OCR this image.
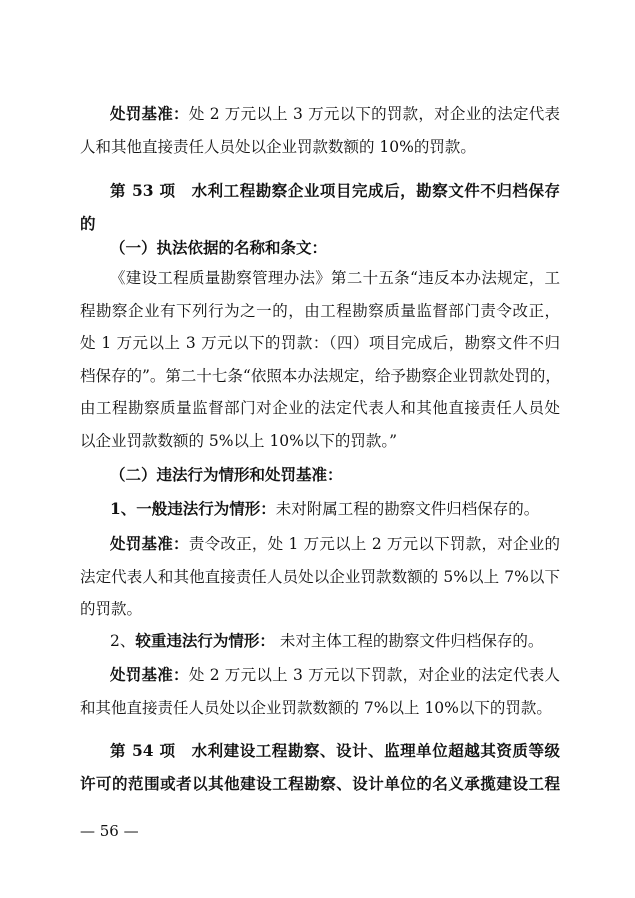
处罚基准：处 2 万元以上 3 万元以下的罚款，对企业的法定代表
人和其他直接责任人员处以企业罚款数额的 10%的罚款。
第 53 项　水利工程勘察企业项目完成后，勘察文件不归档保存
的
（一）执法依据的名称和条文：
《建设工程质量勘察管理办法》第二十五条“违反本办法规定，工
程勘察企业有下列行为之一的，由工程勘察质量监督部门责令改正，
处 1 万元以上 3 万元以下的罚款：（四）项目完成后，勘察文件不归
档保存的”。第二十七条“依照本办法规定，给予勘察企业罚款处罚的，
由工程勘察质量监督部门对企业的法定代表人和其他直接责任人员处
以企业罚款数额的 5%以上 10%以下的罚款。”
（二）违法行为情形和处罚基准：
1、一般违法行为情形：未对附属工程的勘察文件归档保存的。
处罚基准：责令改正，处 1 万元以上 2 万元以下罚款，对企业的
法定代表人和其他直接责任人员处以企业罚款数额的 5%以上 7%以下
的罚款。
2、较重违法行为情形： 未对主体工程的勘察文件归档保存的。
处罚基准：处 2 万元以上 3 万元以下罚款，对企业的法定代表人
和其他直接责任人员处以企业罚款数额的 7%以上 10%以下的罚款。
第 54 项　水利建设工程勘察、设计、监理单位超越其资质等级
许可的范围或者以其他建设工程勘察、设计单位的名义承揽建设工程
— 56 —
